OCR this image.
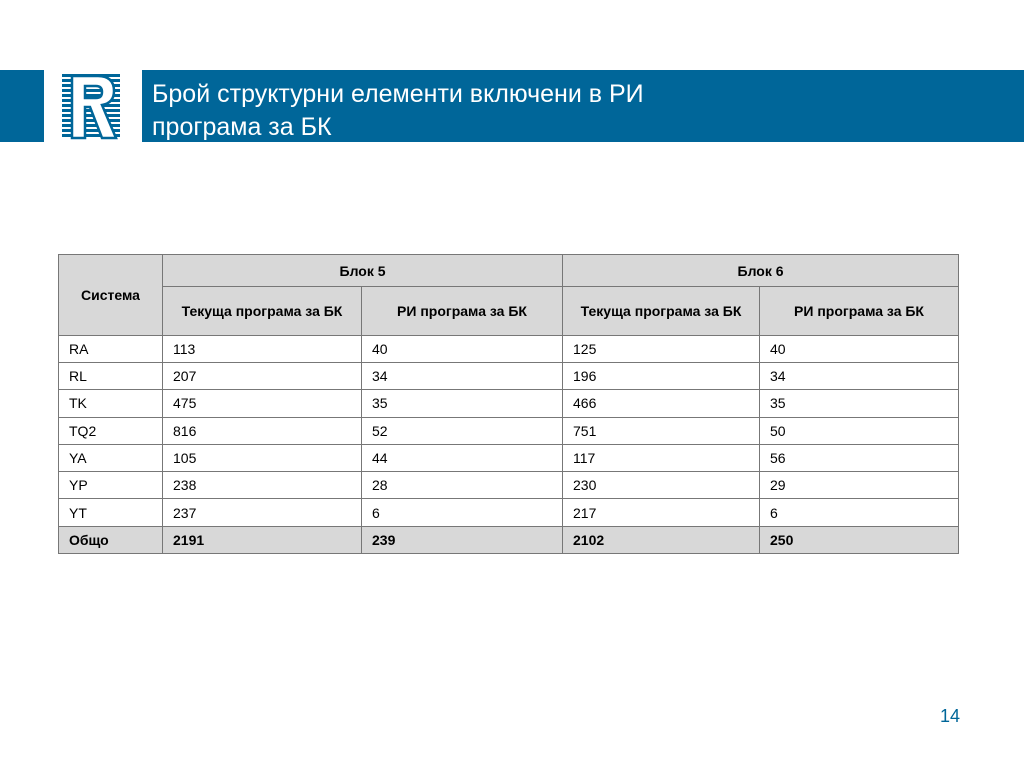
Брой структурни елементи включени в РИ
програма за БК
Система	Блок 5		Блок 6	
	Текуща програма за БК	РИ програма за БК	Текуща програма за БК	РИ програма за БК
RA	113	40	125	40
RL	207	34	196	34
TK	475	35	466	35
TQ2	816	52	751	50
YA	105	44	117	56
YP	238	28	230	29
YT	237	6	217	6
Общо	2191	239	2102	250
14
